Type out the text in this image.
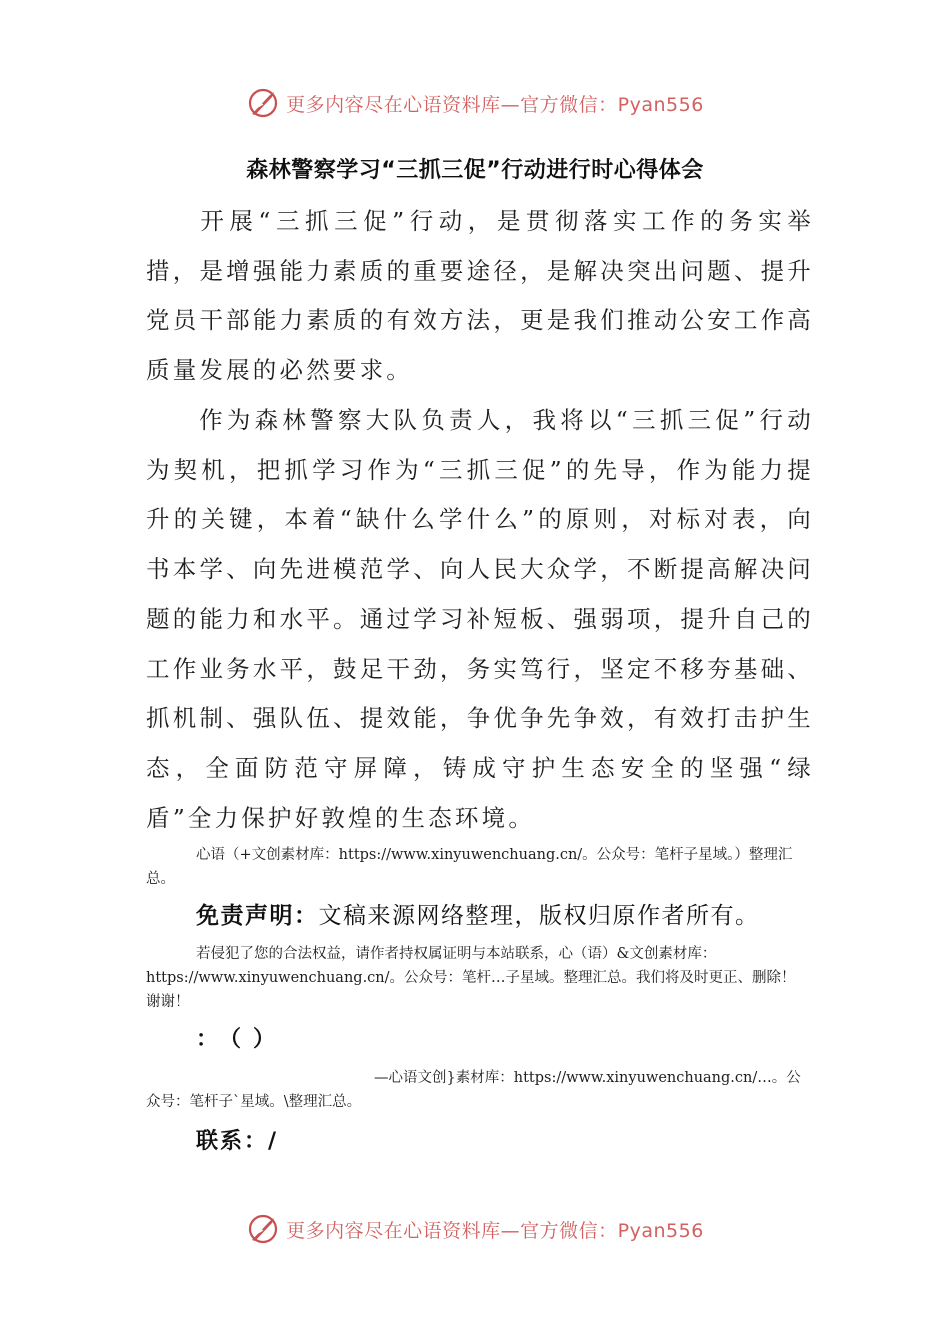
更多内容尽在心语资料库—官方微信：Pyan556
森林警察学习“三抓三促”行动进行时心得体会
开展“三抓三促”行动，是贯彻落实工作的务实举措，是增强能力素质的重要途径，是解决突出问题、提升党员干部能力素质的有效方法，更是我们推动公安工作高质量发展的必然要求。
作为森林警察大队负责人，我将以“三抓三促”行动为契机，把抓学习作为“三抓三促”的先导，作为能力提升的关键，本着“缺什么学什么”的原则，对标对表，向书本学、向先进模范学、向人民大众学，不断提高解决问题的能力和水平。通过学习补短板、强弱项，提升自己的工作业务水平，鼓足干劲，务实笃行，坚定不移夯基础、抓机制、强队伍、提效能，争优争先争效，有效打击护生态，全面防范守屏障，铸成守护生态安全的坚强“绿盾”全力保护好敦煌的生态环境。
心语（+文创素材库：https://www.xinyuwenchuang.cn/。公众号：笔杆子星域。）整理汇总。
免责声明：文稿来源网络整理，版权归原作者所有。
若侵犯了您的合法权益，请作者持权属证明与本站联系，心（语）&文创素材库：https://www.xinyuwenchuang.cn/。公众号：笔杆…子星域。整理汇总。我们将及时更正、删除！谢谢！
：（）
—心语文创}素材库：https://www.xinyuwenchuang.cn/…。公众号：笔杆子`星域。\整理汇总。
联系：/
更多内容尽在心语资料库—官方微信：Pyan556
